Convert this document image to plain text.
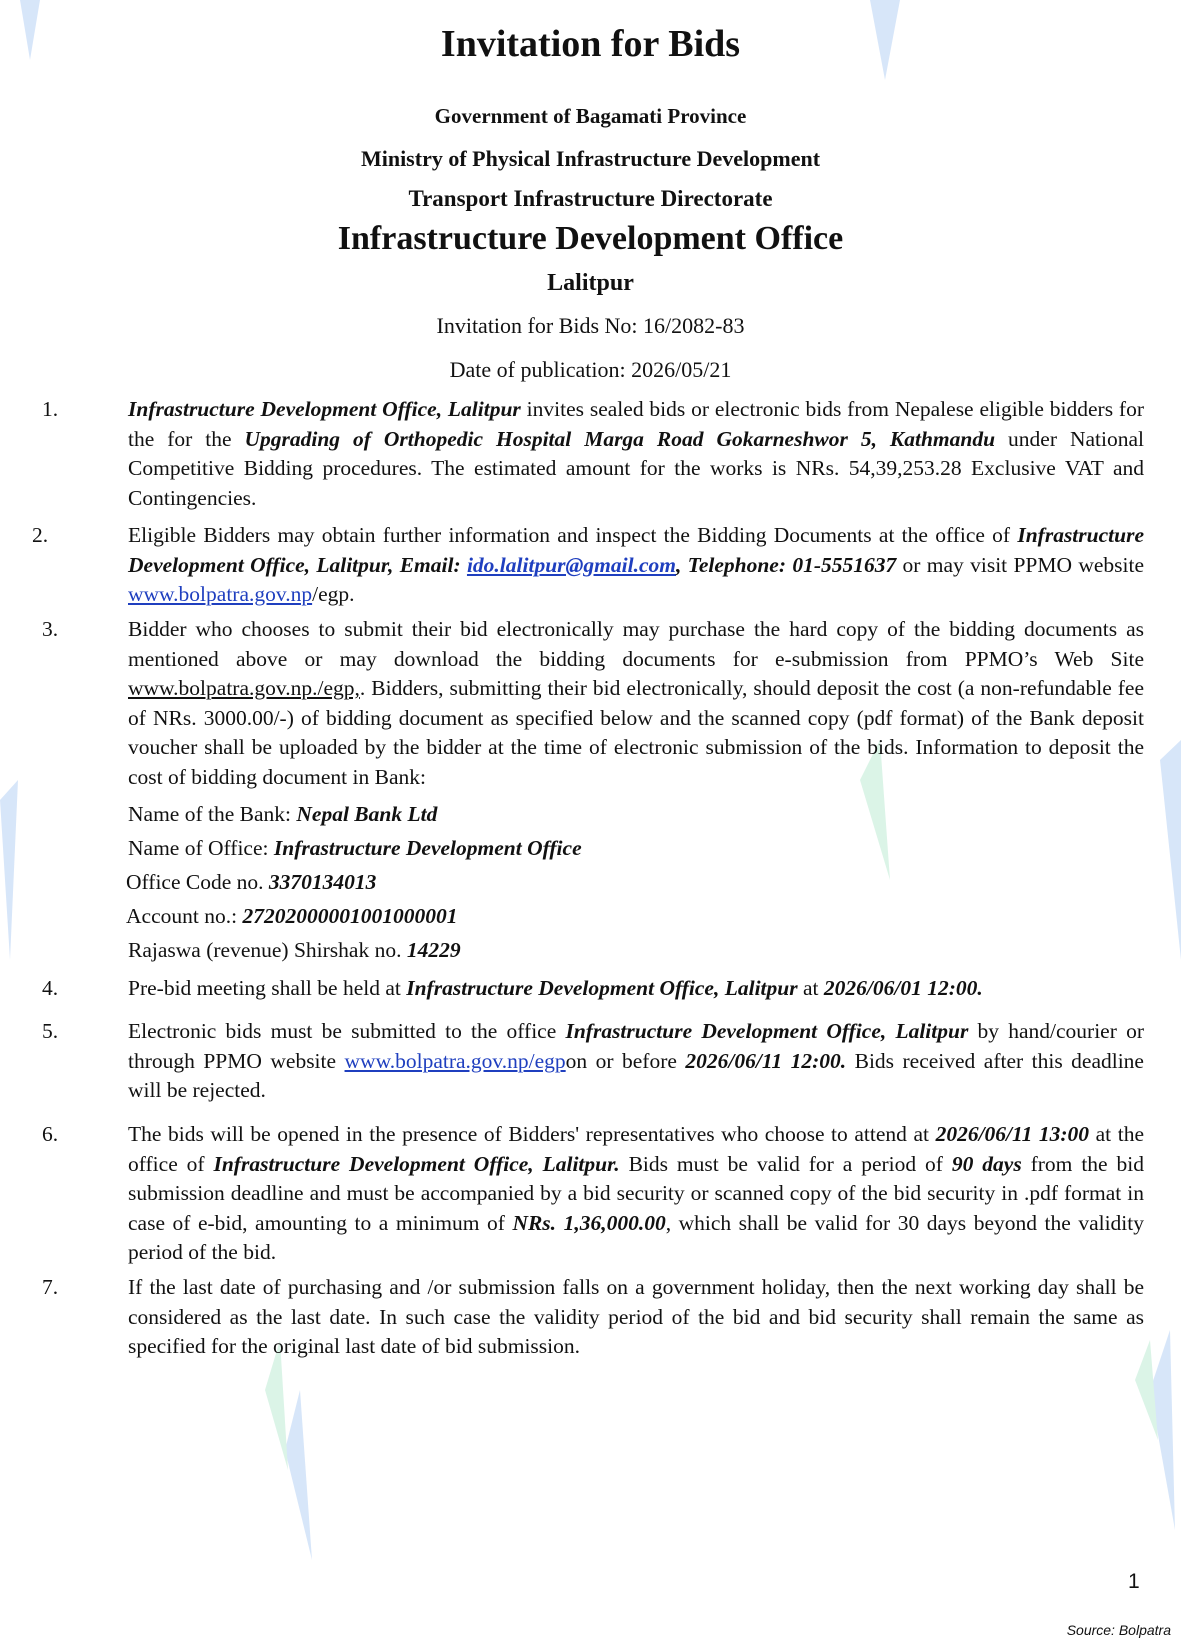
Invitation for Bids
Government of Bagamati Province
Ministry of Physical Infrastructure Development
Transport Infrastructure Directorate
Infrastructure Development Office
Lalitpur
Invitation for Bids No: 16/2082-83
Date of publication: 2026/05/21
1.	Infrastructure Development Office, Lalitpur invites sealed bids or electronic bids from Nepalese eligible bidders for the for the Upgrading of Orthopedic Hospital Marga Road Gokarneshwor 5, Kathmandu under National Competitive Bidding procedures. The estimated amount for the works is NRs. 54,39,253.28 Exclusive VAT and Contingencies.
2.	Eligible Bidders may obtain further information and inspect the Bidding Documents at the office of Infrastructure Development Office, Lalitpur, Email: ido.lalitpur@gmail.com, Telephone: 01-5551637 or may visit PPMO website www.bolpatra.gov.np/egp.
3.	Bidder who chooses to submit their bid electronically may purchase the hard copy of the bidding documents as mentioned above or may download the bidding documents for e-submission from PPMO’s Web Site www.bolpatra.gov.np./egp,. Bidders, submitting their bid electronically, should deposit the cost (a non-refundable fee of NRs. 3000.00/-) of bidding document as specified below and the scanned copy (pdf format) of the Bank deposit voucher shall be uploaded by the bidder at the time of electronic submission of the bids. Information to deposit the cost of bidding document in Bank:
Name of the Bank: Nepal Bank Ltd
Name of Office: Infrastructure Development Office
Office Code no. 3370134013
Account no.: 27202000001001000001
Rajaswa (revenue) Shirshak no. 14229
4.	Pre-bid meeting shall be held at Infrastructure Development Office, Lalitpur at 2026/06/01 12:00.
5.	Electronic bids must be submitted to the office Infrastructure Development Office, Lalitpur by hand/courier or through PPMO website www.bolpatra.gov.np/egpon or before 2026/06/11 12:00. Bids received after this deadline will be rejected.
6.	The bids will be opened in the presence of Bidders' representatives who choose to attend at 2026/06/11 13:00 at the office of Infrastructure Development Office, Lalitpur. Bids must be valid for a period of 90 days from the bid submission deadline and must be accompanied by a bid security or scanned copy of the bid security in .pdf format in case of e-bid, amounting to a minimum of NRs. 1,36,000.00, which shall be valid for 30 days beyond the validity period of the bid.
7.	If the last date of purchasing and /or submission falls on a government holiday, then the next working day shall be considered as the last date. In such case the validity period of the bid and bid security shall remain the same as specified for the original last date of bid submission.
1
Source: Bolpatra
